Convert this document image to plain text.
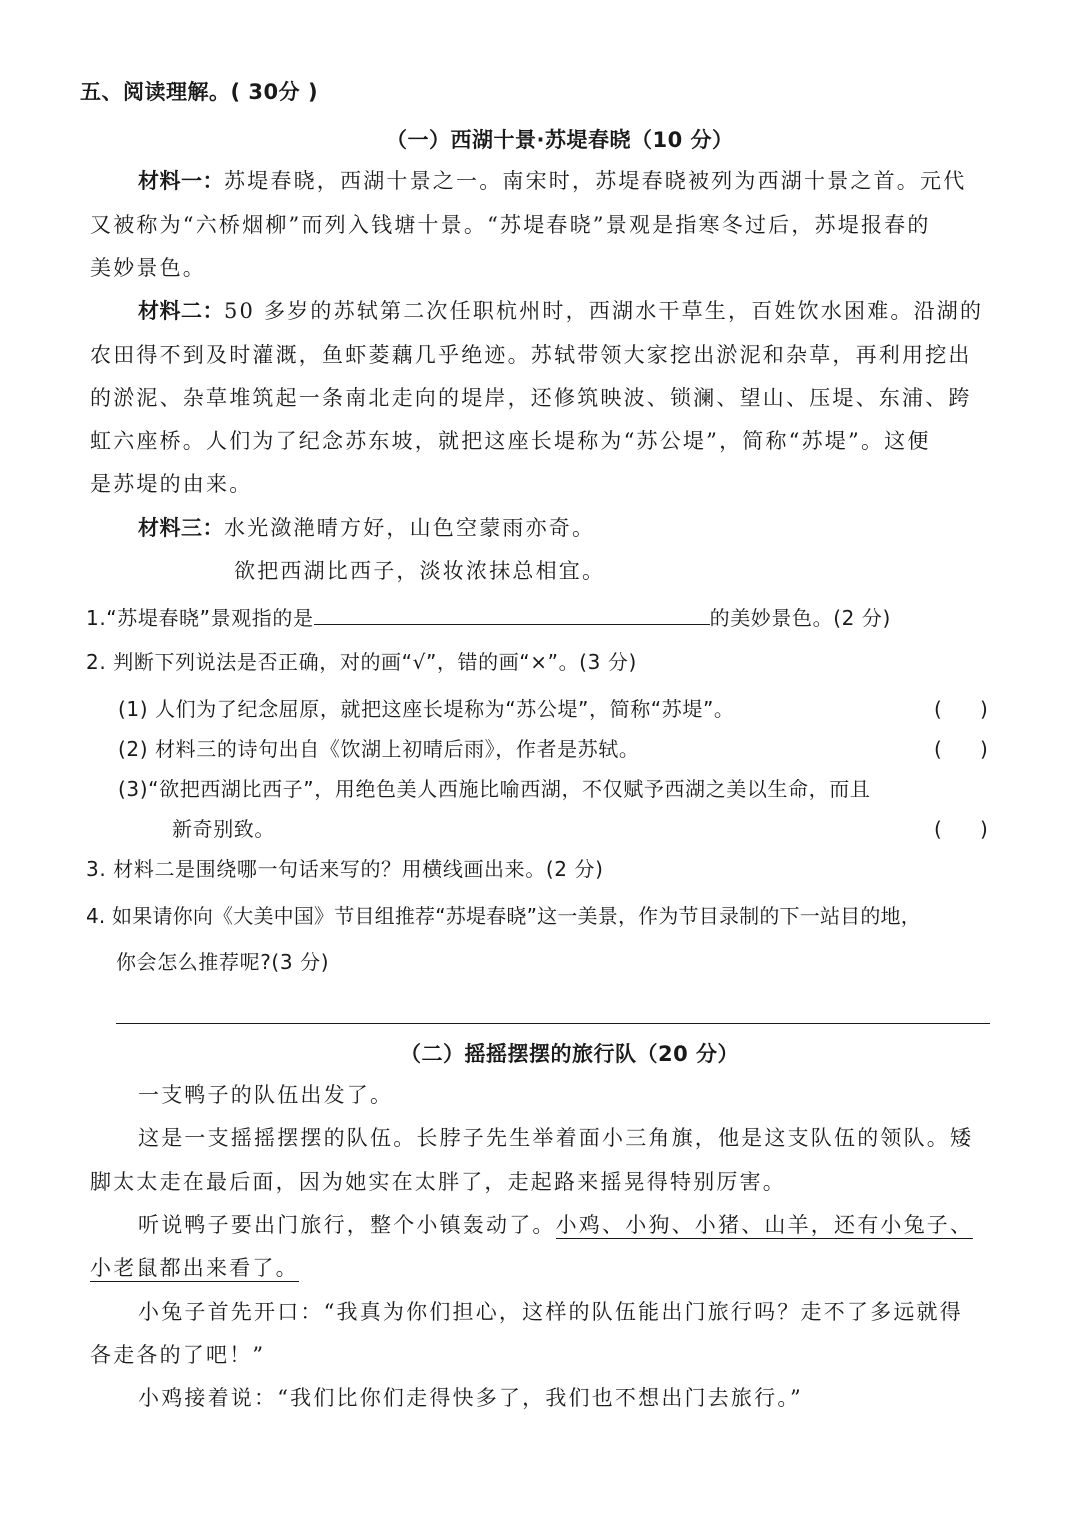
五、阅读理解。( 30分 )
（一）西湖十景·苏堤春晓（10 分）
材料一：苏堤春晓，西湖十景之一。南宋时，苏堤春晓被列为西湖十景之首。元代
又被称为“六桥烟柳”而列入钱塘十景。“苏堤春晓”景观是指寒冬过后，苏堤报春的
美妙景色。
材料二：50 多岁的苏轼第二次任职杭州时，西湖水干草生，百姓饮水困难。沿湖的
农田得不到及时灌溉，鱼虾菱藕几乎绝迹。苏轼带领大家挖出淤泥和杂草，再利用挖出
的淤泥、杂草堆筑起一条南北走向的堤岸，还修筑映波、锁澜、望山、压堤、东浦、跨
虹六座桥。人们为了纪念苏东坡，就把这座长堤称为“苏公堤”，简称“苏堤”。这便
是苏堤的由来。
材料三：水光潋滟晴方好，山色空蒙雨亦奇。
欲把西湖比西子，淡妆浓抹总相宜。
1.“苏堤春晓”景观指的是	的美妙景色。(2 分)
2. 判断下列说法是否正确，对的画“√”，错的画“×”。(3 分)
(1) 人们为了纪念屈原，就把这座长堤称为“苏公堤”，简称“苏堤”。	(      )
(2) 材料三的诗句出自《饮湖上初晴后雨》，作者是苏轼。	(      )
(3)“欲把西湖比西子”，用绝色美人西施比喻西湖，不仅赋予西湖之美以生命，而且
新奇别致。	(      )
3. 材料二是围绕哪一句话来写的？用横线画出来。(2 分)
4. 如果请你向《大美中国》节目组推荐“苏堤春晓”这一美景，作为节目录制的下一站目的地，
你会怎么推荐呢?(3 分)
（二）摇摇摆摆的旅行队（20 分）
一支鸭子的队伍出发了。
这是一支摇摇摆摆的队伍。长脖子先生举着面小三角旗，他是这支队伍的领队。矮
脚太太走在最后面，因为她实在太胖了，走起路来摇晃得特别厉害。
听说鸭子要出门旅行，整个小镇轰动了。小鸡、小狗、小猪、山羊，还有小兔子、
小老鼠都出来看了。
小兔子首先开口：“我真为你们担心，这样的队伍能出门旅行吗？走不了多远就得
各走各的了吧！”
小鸡接着说：“我们比你们走得快多了，我们也不想出门去旅行。”
